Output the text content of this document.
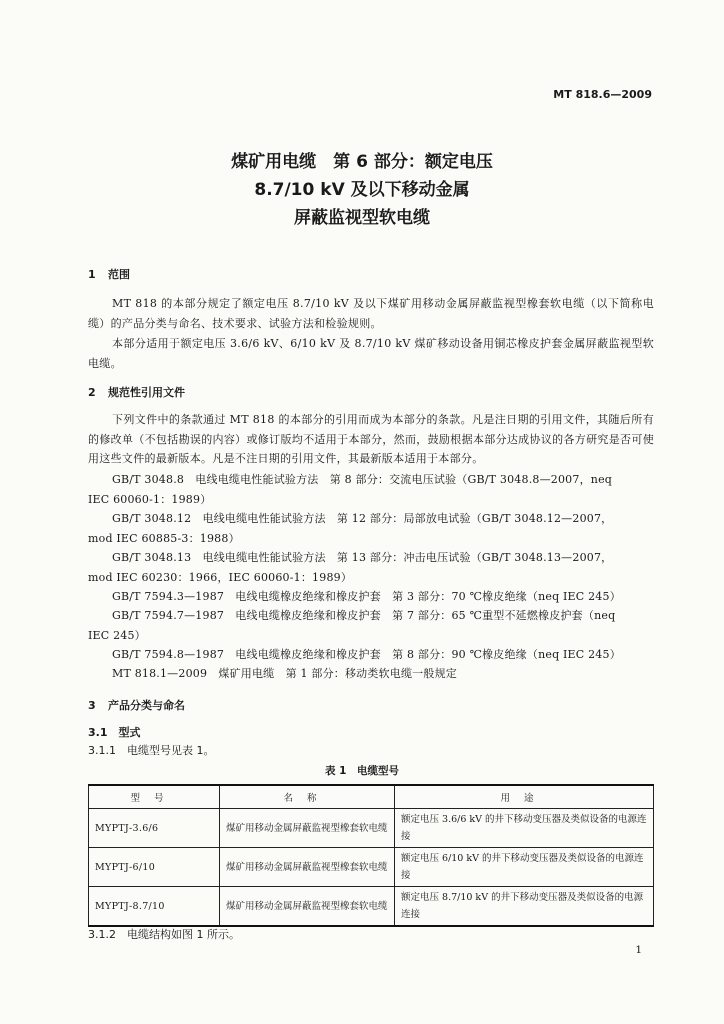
MT 818.6—2009
煤矿用电缆　第 6 部分：额定电压
8.7/10 kV 及以下移动金属
屏蔽监视型软电缆
1 范围
MT 818 的本部分规定了额定电压 8.7/10 kV 及以下煤矿用移动金属屏蔽监视型橡套软电缆（以下简称电缆）的产品分类与命名、技术要求、试验方法和检验规则。
本部分适用于额定电压 3.6/6 kV、6/10 kV 及 8.7/10 kV 煤矿移动设备用铜芯橡皮护套金属屏蔽监视型软电缆。
2 规范性引用文件
下列文件中的条款通过 MT 818 的本部分的引用而成为本部分的条款。凡是注日期的引用文件，其随后所有的修改单（不包括勘误的内容）或修订版均不适用于本部分，然而，鼓励根据本部分达成协议的各方研究是否可使用这些文件的最新版本。凡是不注日期的引用文件，其最新版本适用于本部分。
GB/T 3048.8　电线电缆电性能试验方法　第 8 部分：交流电压试验（GB/T 3048.8—2007，neq
IEC 60060-1：1989）
GB/T 3048.12　电线电缆电性能试验方法　第 12 部分：局部放电试验（GB/T 3048.12—2007，
mod IEC 60885-3：1988）
GB/T 3048.13　电线电缆电性能试验方法　第 13 部分：冲击电压试验（GB/T 3048.13—2007，
mod IEC 60230：1966，IEC 60060-1：1989）
GB/T 7594.3—1987　电线电缆橡皮绝缘和橡皮护套　第 3 部分：70 ℃橡皮绝缘（neq IEC 245）
GB/T 7594.7—1987　电线电缆橡皮绝缘和橡皮护套　第 7 部分：65 ℃重型不延燃橡皮护套（neq
IEC 245）
GB/T 7594.8—1987　电线电缆橡皮绝缘和橡皮护套　第 8 部分：90 ℃橡皮绝缘（neq IEC 245）
MT 818.1—2009　煤矿用电缆　第 1 部分：移动类软电缆一般规定
3 产品分类与命名
3.1　型式
3.1.1　电缆型号见表 1。
表 1　电缆型号
型号	名称	用途
MYPTJ-3.6/6	煤矿用移动金属屏蔽监视型橡套软电缆	额定电压 3.6/6 kV 的井下移动变压器及类似设备的电源连接
MYPTJ-6/10	煤矿用移动金属屏蔽监视型橡套软电缆	额定电压 6/10 kV 的井下移动变压器及类似设备的电源连接
MYPTJ-8.7/10	煤矿用移动金属屏蔽监视型橡套软电缆	额定电压 8.7/10 kV 的井下移动变压器及类似设备的电源连接
3.1.2　电缆结构如图 1 所示。
1
